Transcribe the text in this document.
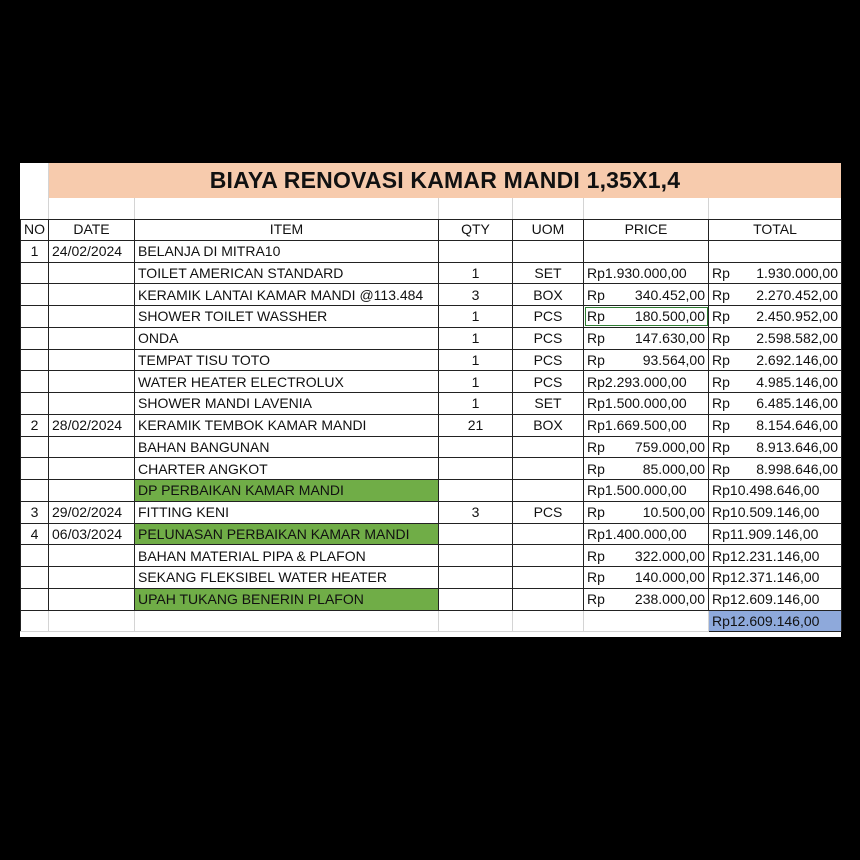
BIAYA RENOVASI KAMAR MANDI 1,35X1,4
NO	DATE	ITEM	QTY	UOM	PRICE	TOTAL
1	24/02/2024	BELANJA DI MITRA10				
		TOILET AMERICAN STANDARD	1	SET	Rp 1.930.000,00	Rp 1.930.000,00

		KERAMIK LANTAI KAMAR MANDI @113.484	3	BOX	Rp 340.452,00	Rp 2.270.452,00

		SHOWER TOILET WASSHER	1	PCS	Rp 180.500,00	Rp 2.450.952,00

		ONDA	1	PCS	Rp 147.630,00	Rp 2.598.582,00

		TEMPAT TISU TOTO	1	PCS	Rp 93.564,00	Rp 2.692.146,00

		WATER HEATER ELECTROLUX	1	PCS	Rp 2.293.000,00	Rp 4.985.146,00

		SHOWER MANDI LAVENIA	1	SET	Rp 1.500.000,00	Rp 6.485.146,00

2	28/02/2024	KERAMIK TEMBOK KAMAR MANDI	21	BOX	Rp 1.669.500,00	Rp 8.154.646,00

		BAHAN BANGUNAN			Rp 759.000,00	Rp 8.913.646,00

		CHARTER ANGKOT			Rp 85.000,00	Rp 8.998.646,00

		DP PERBAIKAN KAMAR MANDI			Rp 1.500.000,00	Rp 10.498.646,00

3	29/02/2024	FITTING KENI	3	PCS	Rp 10.500,00	Rp 10.509.146,00

4	06/03/2024	PELUNASAN PERBAIKAN KAMAR MANDI			Rp 1.400.000,00	Rp 11.909.146,00

		BAHAN MATERIAL PIPA & PLAFON			Rp 322.000,00	Rp 12.231.146,00

		SEKANG FLEKSIBEL WATER HEATER			Rp 140.000,00	Rp 12.371.146,00

		UPAH TUKANG BENERIN PLAFON			Rp 238.000,00	Rp 12.609.146,00

						Rp12.609.146,00
